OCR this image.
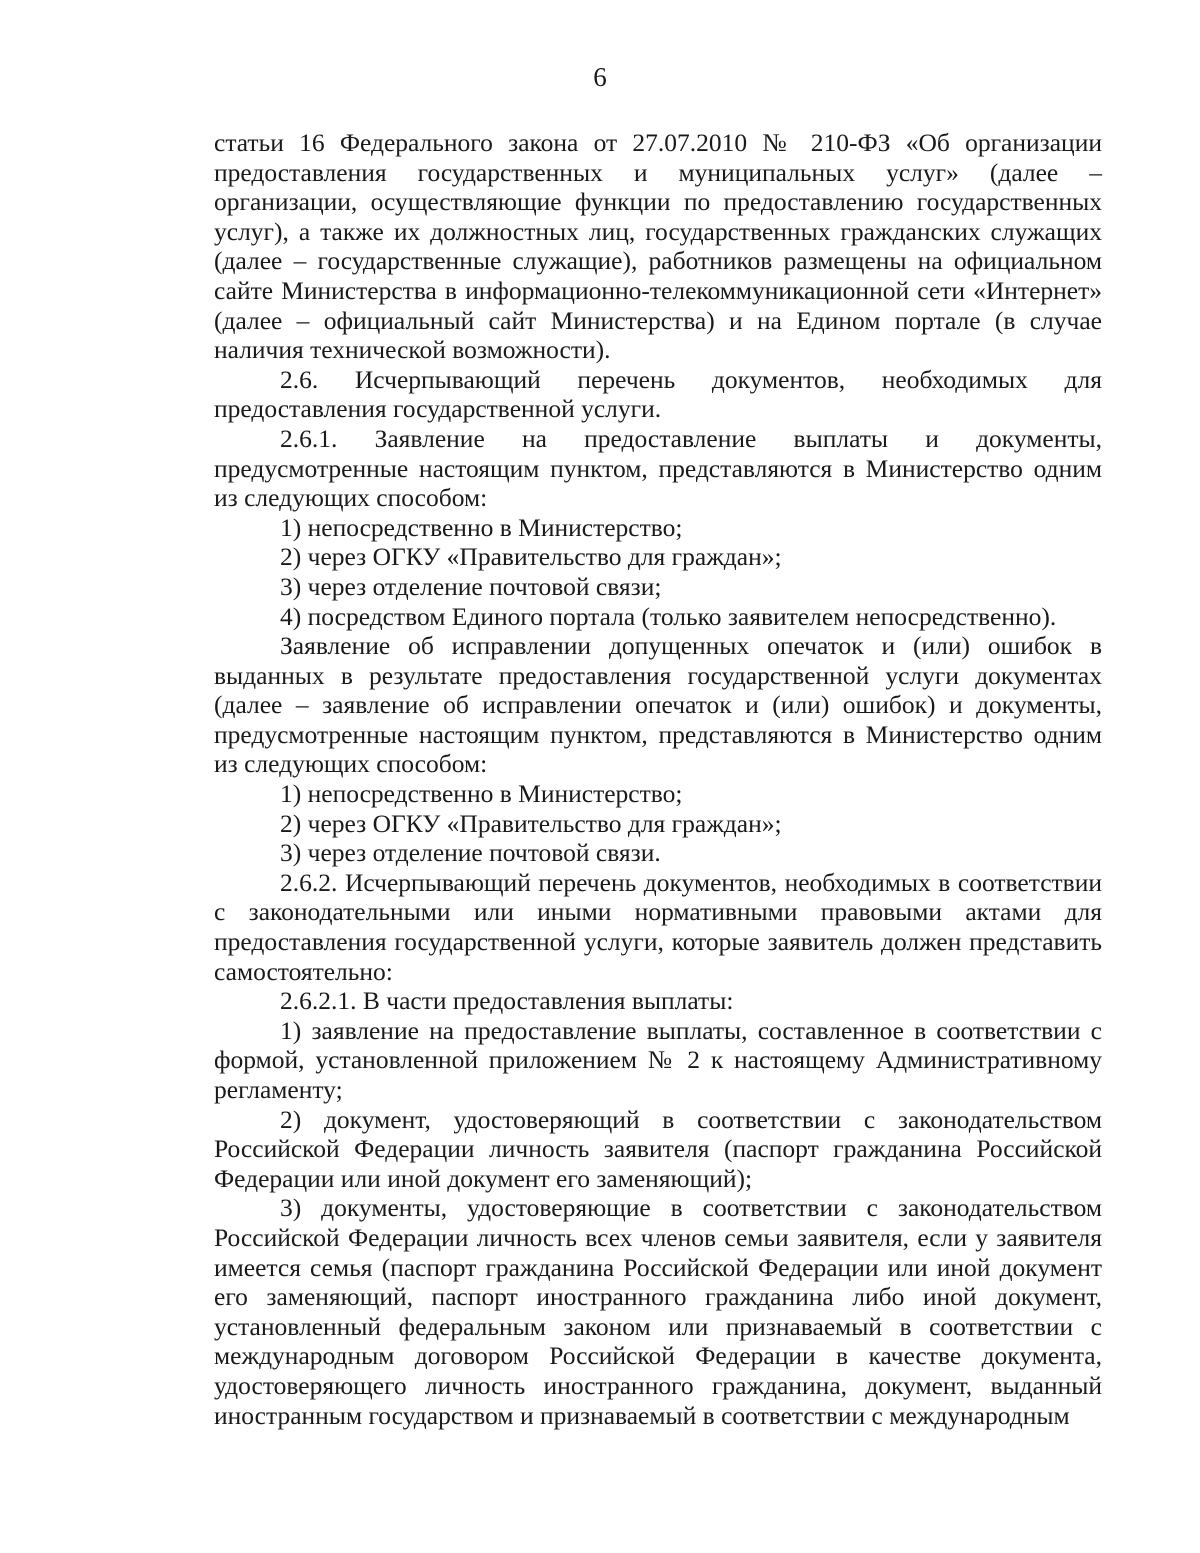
6

статьи 16 Федерального закона от 27.07.2010 № 210-ФЗ «Об организации предоставления государственных и муниципальных услуг» (далее – организации, осуществляющие функции по предоставлению государственных услуг), а также их должностных лиц, государственных гражданских служащих (далее – государственные служащие), работников размещены на официальном сайте Министерства в информационно-телекоммуникационной сети «Интернет» (далее – официальный сайт Министерства) и на Едином портале (в случае наличия технической возможности).

2.6. Исчерпывающий перечень документов, необходимых для предоставления государственной услуги.

2.6.1. Заявление на предоставление выплаты и документы, предусмотренные настоящим пунктом, представляются в Министерство одним из следующих способом:

1) непосредственно в Министерство;

2) через ОГКУ «Правительство для граждан»;

3) через отделение почтовой связи;

4) посредством Единого портала (только заявителем непосредственно).

Заявление об исправлении допущенных опечаток и (или) ошибок в выданных в результате предоставления государственной услуги документах (далее – заявление об исправлении опечаток и (или) ошибок) и документы, предусмотренные настоящим пунктом, представляются в Министерство одним из следующих способом:

1) непосредственно в Министерство;

2) через ОГКУ «Правительство для граждан»;

3) через отделение почтовой связи.

2.6.2. Исчерпывающий перечень документов, необходимых в соответствии с законодательными или иными нормативными правовыми актами для предоставления государственной услуги, которые заявитель должен представить самостоятельно:

2.6.2.1. В части предоставления выплаты:

1) заявление на предоставление выплаты, составленное в соответствии с формой, установленной приложением № 2 к настоящему Административному регламенту;

2) документ, удостоверяющий в соответствии с законодательством Российской Федерации личность заявителя (паспорт гражданина Российской Федерации или иной документ его заменяющий);

3) документы, удостоверяющие в соответствии с законодательством Российской Федерации личность всех членов семьи заявителя, если у заявителя имеется семья (паспорт гражданина Российской Федерации или иной документ его заменяющий, паспорт иностранного гражданина либо иной документ, установленный федеральным законом или признаваемый в соответствии с международным договором Российской Федерации в качестве документа, удостоверяющего личность иностранного гражданина, документ, выданный иностранным государством и признаваемый в соответствии с международным
